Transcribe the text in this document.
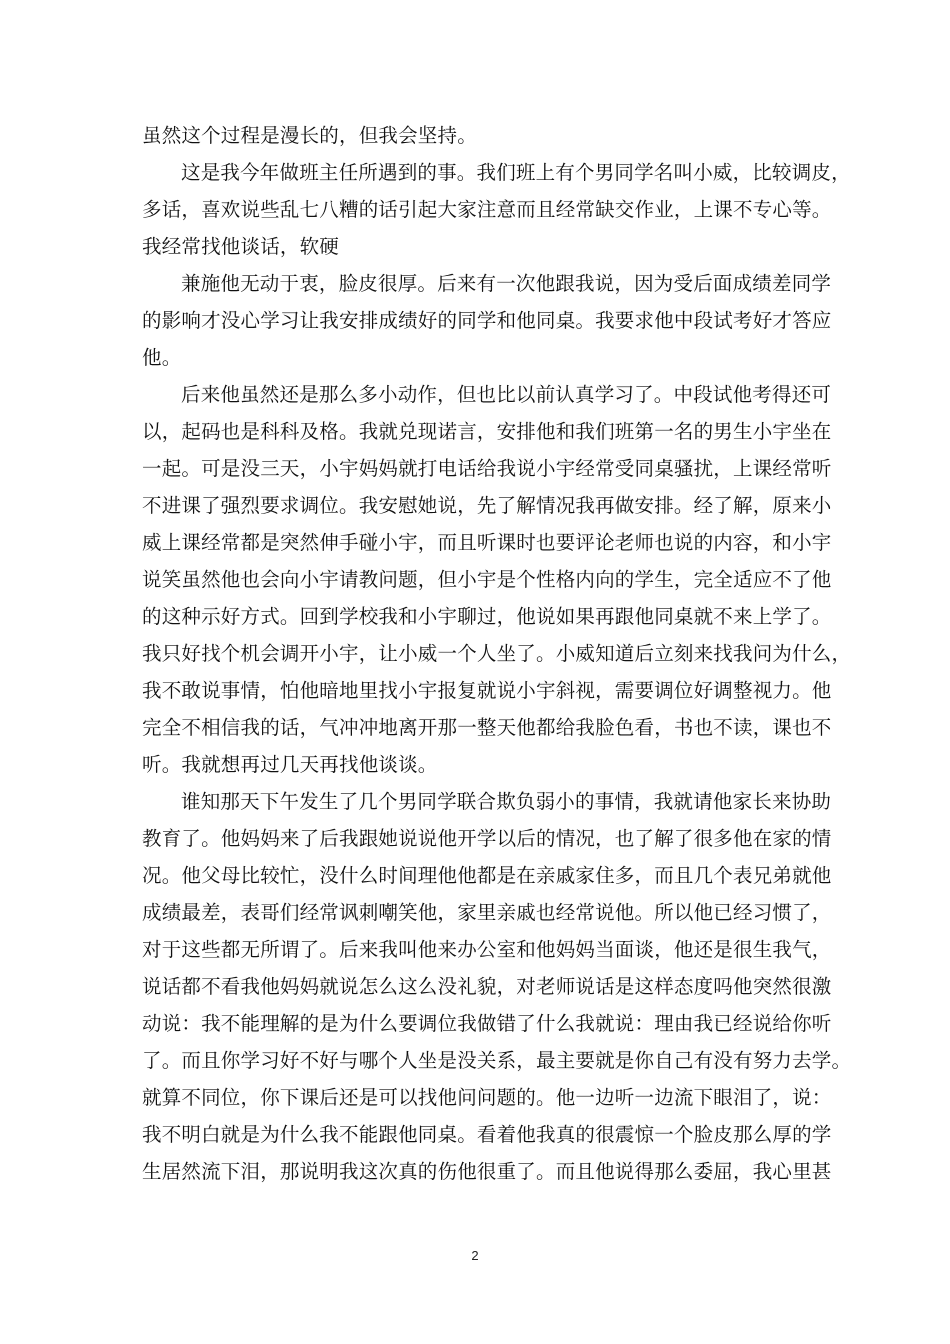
虽然这个过程是漫长的，但我会坚持。

这是我今年做班主任所遇到的事。我们班上有个男同学名叫小威，比较调皮，
多话，喜欢说些乱七八糟的话引起大家注意而且经常缺交作业，上课不专心等。
我经常找他谈话，软硬

兼施他无动于衷，脸皮很厚。后来有一次他跟我说，因为受后面成绩差同学
的影响才没心学习让我安排成绩好的同学和他同桌。我要求他中段试考好才答应
他。

后来他虽然还是那么多小动作，但也比以前认真学习了。中段试他考得还可
以，起码也是科科及格。我就兑现诺言，安排他和我们班第一名的男生小宇坐在
一起。可是没三天，小宇妈妈就打电话给我说小宇经常受同桌骚扰，上课经常听
不进课了强烈要求调位。我安慰她说，先了解情况我再做安排。经了解，原来小
威上课经常都是突然伸手碰小宇，而且听课时也要评论老师也说的内容，和小宇
说笑虽然他也会向小宇请教问题，但小宇是个性格内向的学生，完全适应不了他
的这种示好方式。回到学校我和小宇聊过，他说如果再跟他同桌就不来上学了。
我只好找个机会调开小宇，让小威一个人坐了。小威知道后立刻来找我问为什么，
我不敢说事情，怕他暗地里找小宇报复就说小宇斜视，需要调位好调整视力。他
完全不相信我的话，气冲冲地离开那一整天他都给我脸色看，书也不读，课也不
听。我就想再过几天再找他谈谈。

谁知那天下午发生了几个男同学联合欺负弱小的事情，我就请他家长来协助
教育了。他妈妈来了后我跟她说说他开学以后的情况，也了解了很多他在家的情
况。他父母比较忙，没什么时间理他他都是在亲戚家住多，而且几个表兄弟就他
成绩最差，表哥们经常讽刺嘲笑他，家里亲戚也经常说他。所以他已经习惯了，
对于这些都无所谓了。后来我叫他来办公室和他妈妈当面谈，他还是很生我气，
说话都不看我他妈妈就说怎么这么没礼貌，对老师说话是这样态度吗他突然很激
动说：我不能理解的是为什么要调位我做错了什么我就说：理由我已经说给你听
了。而且你学习好不好与哪个人坐是没关系，最主要就是你自己有没有努力去学。
就算不同位，你下课后还是可以找他问问题的。他一边听一边流下眼泪了，说：
我不明白就是为什么我不能跟他同桌。看着他我真的很震惊一个脸皮那么厚的学
生居然流下泪，那说明我这次真的伤他很重了。而且他说得那么委屈，我心里甚

2
